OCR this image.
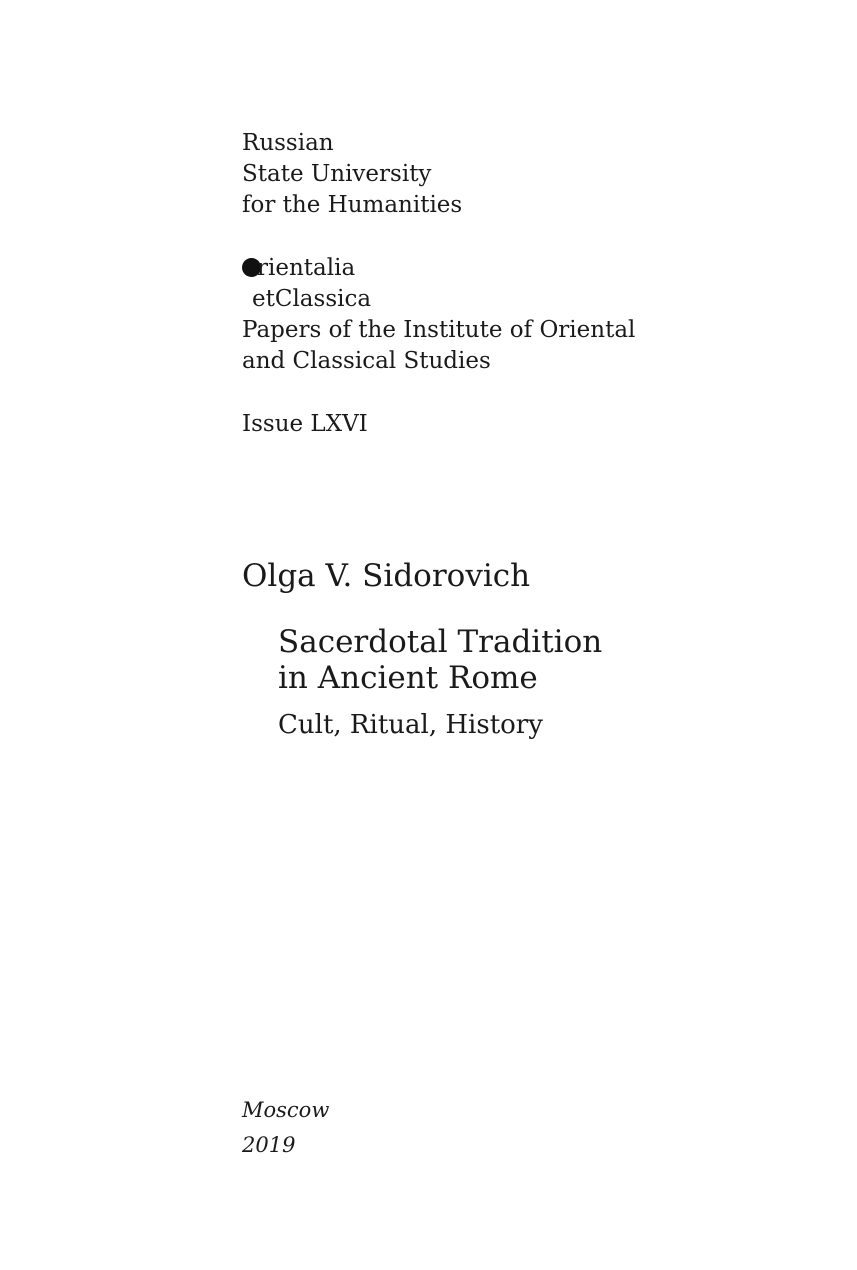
Russian
State University
for the Humanities
rientalia
etClassica
Papers of the Institute of Oriental
and Classical Studies
Issue LXVI
Olga V. Sidorovich
Sacerdotal Tradition
in Ancient Rome
Cult, Ritual, History
Moscow
2019
